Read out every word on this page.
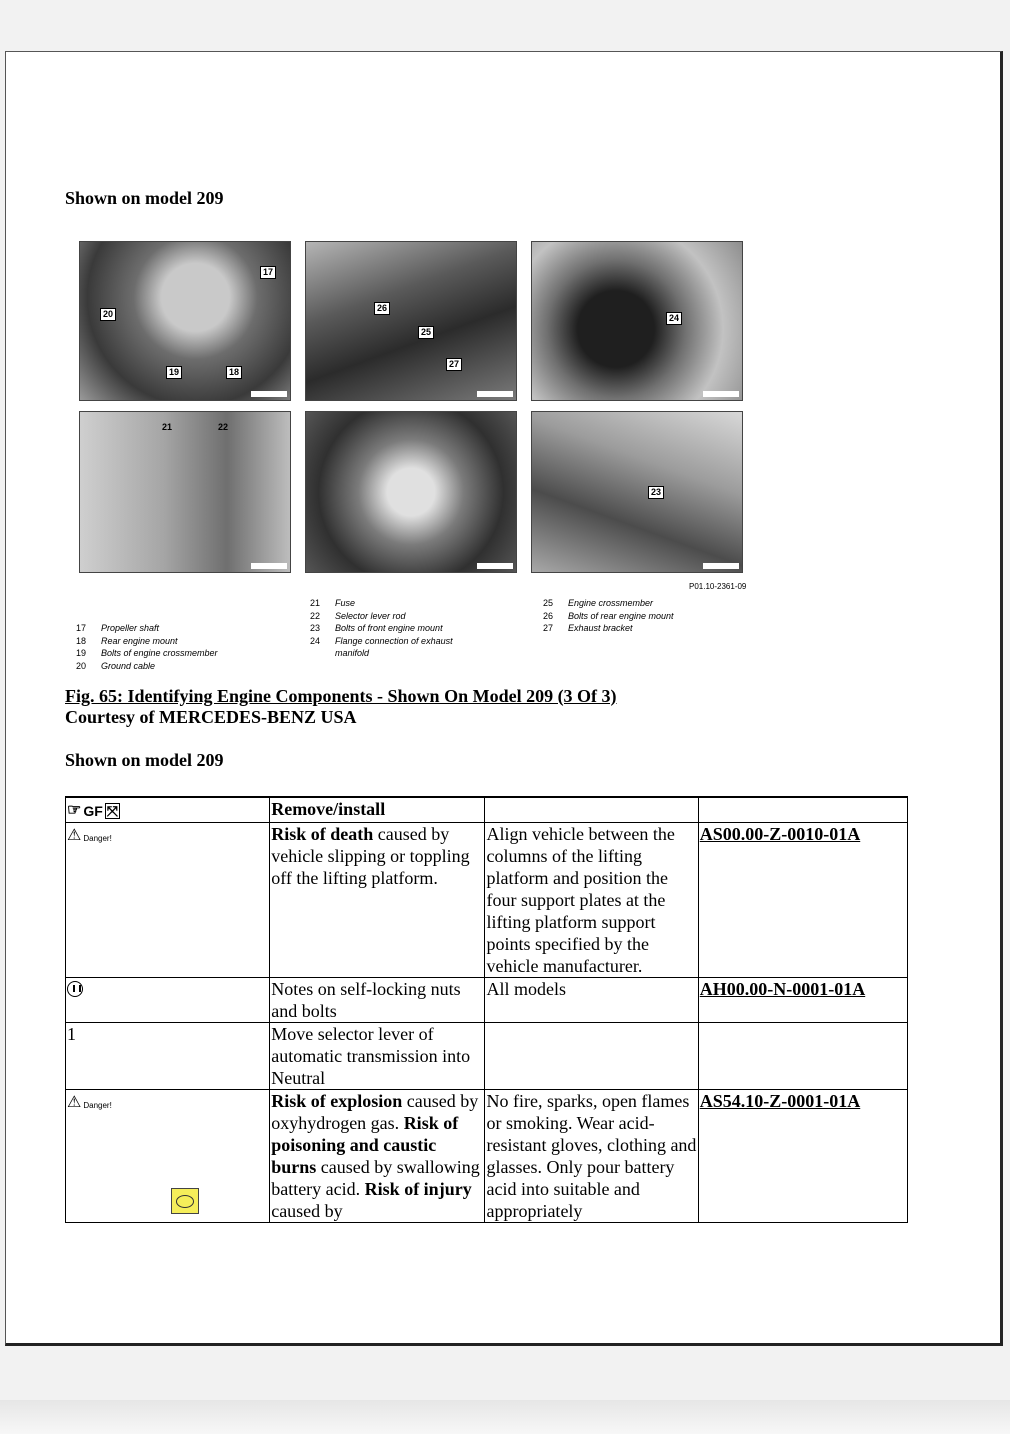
Shown on model 209
17
20
19	18
26
25
27
24
21	22
23
P01.10-2361-09
17	Propeller shaft
18	Rear engine mount
19	Bolts of engine crossmember
20	Ground cable
21	Fuse
22	Selector lever rod
23	Bolts of front engine mount
24	Flange connection of exhaust manifold
25	Engine crossmember
26	Bolts of rear engine mount
27	Exhaust bracket
Fig. 65: Identifying Engine Components - Shown On Model 209 (3 Of 3)
Courtesy of MERCEDES-BENZ USA
Shown on model 209
☞ GF ⤧	Remove/install		

⚠ Danger!	Risk of death caused by vehicle slipping or toppling off the lifting platform.	Align vehicle between the columns of the lifting platform and position the four support plates at the lifting platform support points specified by the vehicle manufacturer.	AS00.00-Z-0010-01A
	Notes on self-locking nuts and bolts	All models	AH00.00-N-0001-01A
1	Move selector lever of automatic transmission into Neutral		

⚠ Danger!	Risk of explosion caused by oxyhydrogen gas. Risk of poisoning and caustic burns caused by swallowing battery acid. Risk of injury caused by	No fire, sparks, open flames or smoking. Wear acid-resistant gloves, clothing and glasses. Only pour battery acid into suitable and appropriately	AS54.10-Z-0001-01A
